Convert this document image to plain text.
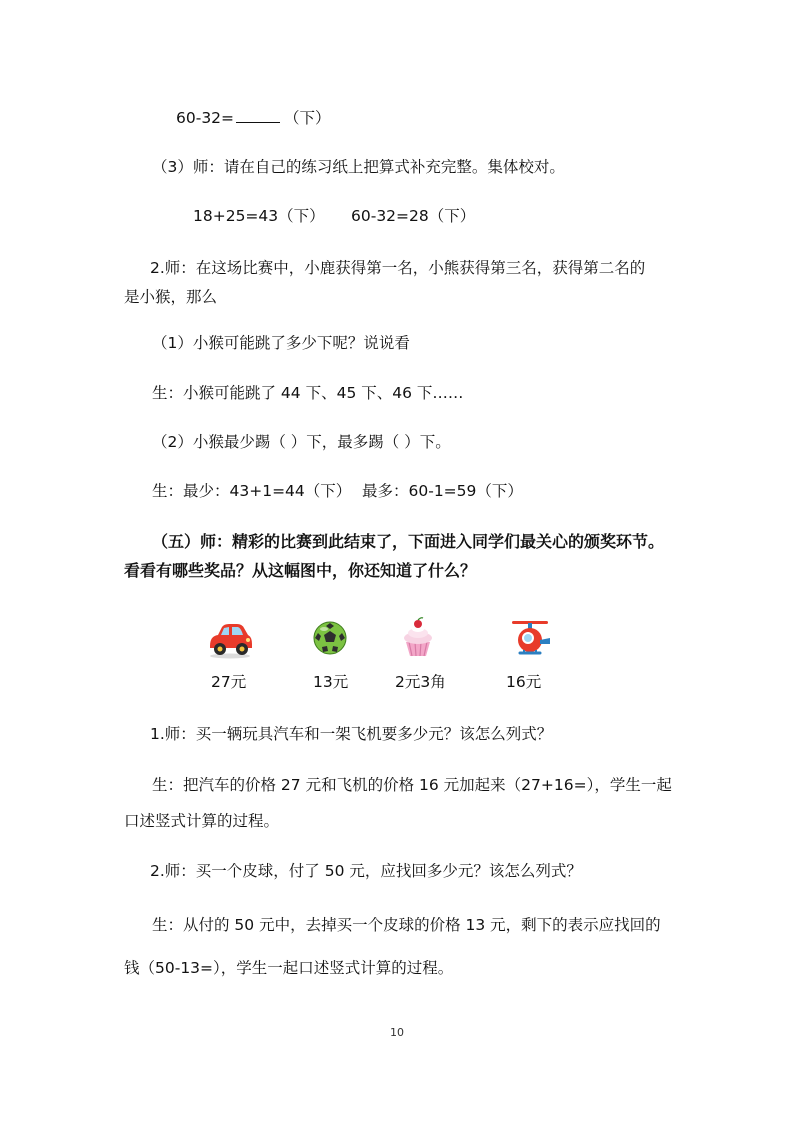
60-32=	（下）
（3）师：请在自己的练习纸上把算式补充完整。集体校对。
18+25=43（下） 60-32=28（下）
2.师：在这场比赛中，小鹿获得第一名，小熊获得第三名，获得第二名的
是小猴，那么
（1）小猴可能跳了多少下呢？说说看
生：小猴可能跳了 44 下、45 下、46 下……
（2）小猴最少踢（ ）下，最多踢（ ）下。
生：最少：43+1=44（下） 最多：60-1=59（下）
（五）师：精彩的比赛到此结束了，下面进入同学们最关心的颁奖环节。
看看有哪些奖品？从这幅图中，你还知道了什么？
27元	13元	2元3角	16元
1.师：买一辆玩具汽车和一架飞机要多少元？该怎么列式？
生：把汽车的价格 27 元和飞机的价格 16 元加起来（27+16=），学生一起
口述竖式计算的过程。
2.师：买一个皮球，付了 50 元，应找回多少元？该怎么列式？
生：从付的 50 元中，去掉买一个皮球的价格 13 元，剩下的表示应找回的
钱（50-13=），学生一起口述竖式计算的过程。
10
